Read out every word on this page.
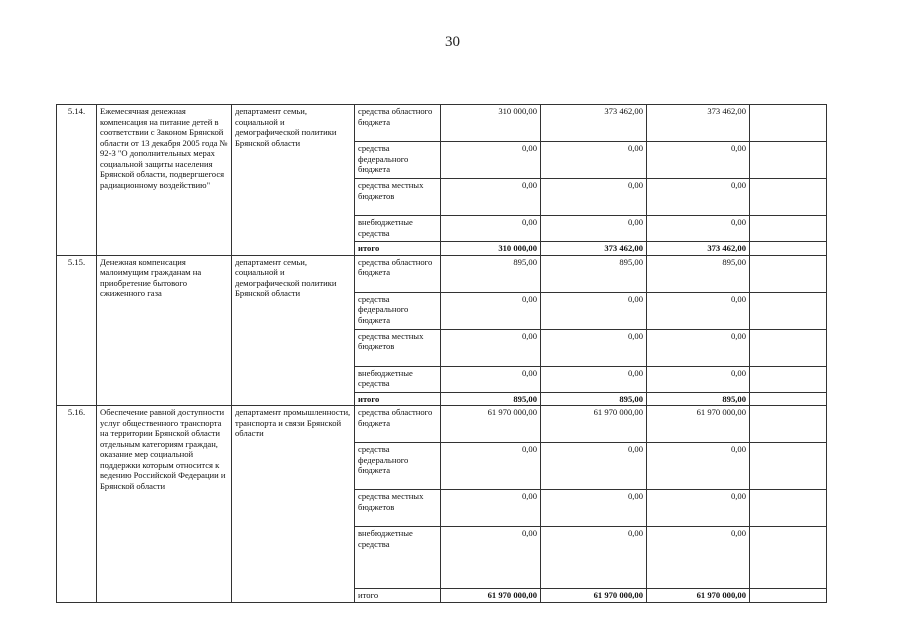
30
5.14.	Ежемесячная денежная компенсация на питание детей в соответствии с Законом Брянской области от 13 декабря 2005 года № 92-З "О дополнительных мерах социальной защиты населения Брянской области, подвергшегося радиационному воздействию"	департамент семьи, социальной и демографической политики Брянской области	средства областного бюджета	310 000,00	373 462,00	373 462,00	
			средства федерального бюджета	0,00	0,00	0,00	
			средства местных бюджетов	0,00	0,00	0,00	
			внебюджетные средства	0,00	0,00	0,00	
			итого	310 000,00	373 462,00	373 462,00	
5.15.	Денежная компенсация малоимущим гражданам на приобретение бытового сжиженного газа	департамент семьи, социальной и демографической политики Брянской области	средства областного бюджета	895,00	895,00	895,00	
			средства федерального бюджета	0,00	0,00	0,00	
			средства местных бюджетов	0,00	0,00	0,00	
			внебюджетные средства	0,00	0,00	0,00	
			итого	895,00	895,00	895,00	
5.16.	Обеспечение равной доступности услуг общественного транспорта на территории Брянской области отдельным категориям граждан, оказание мер социальной поддержки которым относится к ведению Российской Федерации и Брянской области	департамент промышленности, транспорта и связи Брянской области	средства областного бюджета	61 970 000,00	61 970 000,00	61 970 000,00	
			средства федерального бюджета	0,00	0,00	0,00	
			средства местных бюджетов	0,00	0,00	0,00	
			внебюджетные средства	0,00	0,00	0,00	
			итого	61 970 000,00	61 970 000,00	61 970 000,00	
